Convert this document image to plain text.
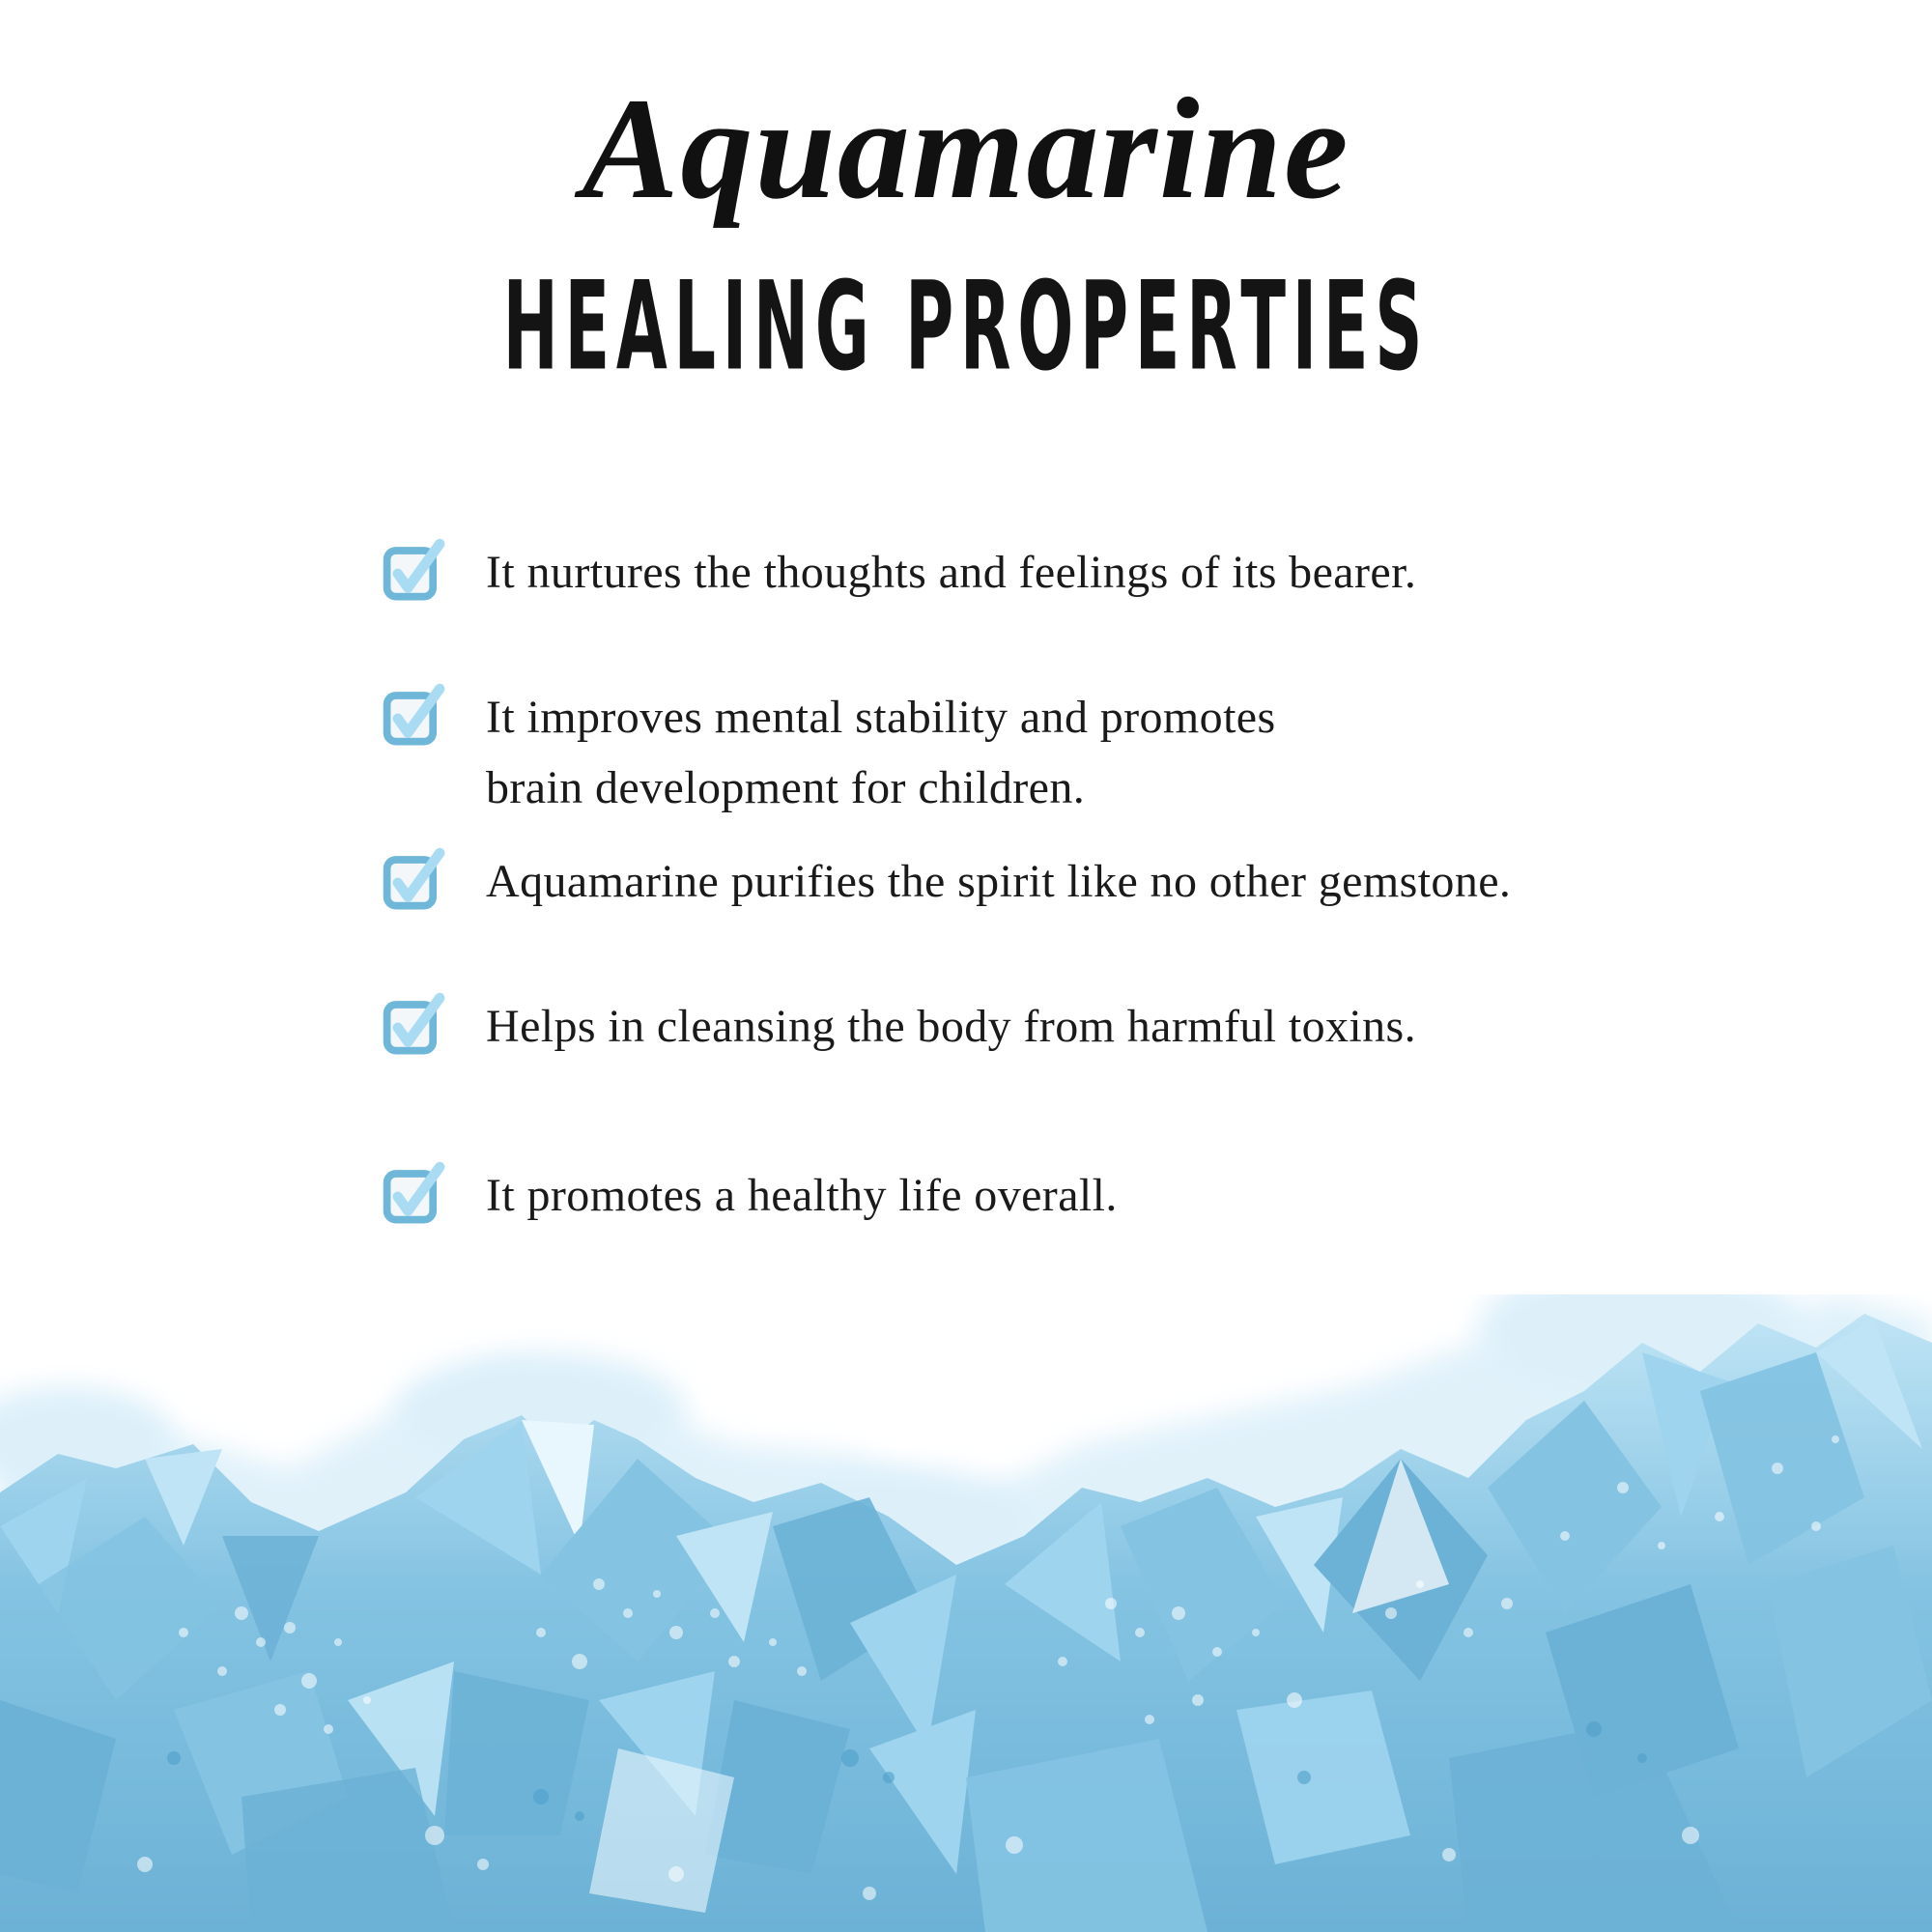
Aquamarine
HEALING PROPERTIES
It nurtures the thoughts and feelings of its bearer.
It improves mental stability and promotes
brain development for children.
Aquamarine purifies the spirit like no other gemstone.
Helps in cleansing the body from harmful toxins.
It promotes a healthy life overall.
